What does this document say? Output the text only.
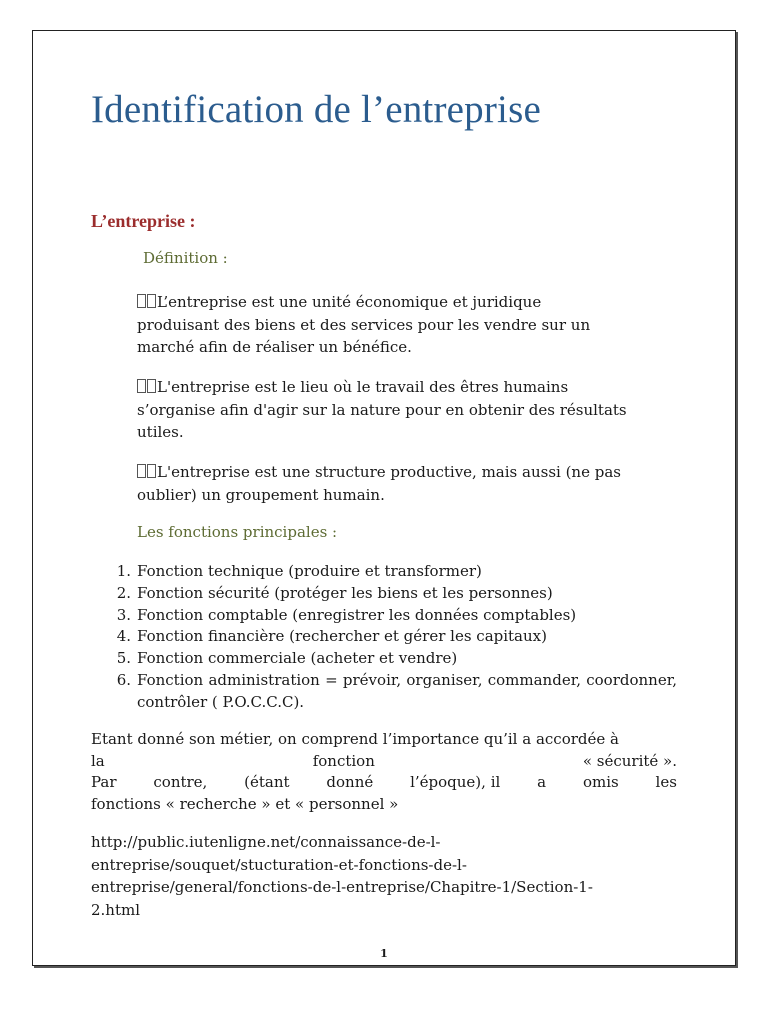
Identification de l’entreprise
L’entreprise :
Définition :

L’entreprise est une unité économique et juridique
produisant des biens et des services pour les vendre sur un
marché afin de réaliser un bénéfice.

L'entreprise est le lieu où le travail des êtres humains
s’organise afin d'agir sur la nature pour en obtenir des résultats
utiles.

L'entreprise est une structure productive, mais aussi (ne pas
oublier) un groupement humain.

Les fonctions principales :
1. Fonction technique (produire et transformer)
2. Fonction sécurité (protéger les biens et les personnes)
3. Fonction comptable (enregistrer les données comptables)
4. Fonction financière (rechercher et gérer les capitaux)
5. Fonction commerciale (acheter et vendre)
6. Fonction administration = prévoir, organiser, commander, coordonner, contrôler ( P.O.C.C.C).
Etant donné son métier, on comprend l’importance qu’il a accordée à
la	fonction	« sécurité ».
Par contre, (étant donné l’époque), il a omis les
fonctions « recherche » et « personnel »

http://public.iutenligne.net/connaissance-de-l-
entreprise/souquet/stucturation-et-fonctions-de-l-
entreprise/general/fonctions-de-l-entreprise/Chapitre-1/Section-1-
2.html

1
